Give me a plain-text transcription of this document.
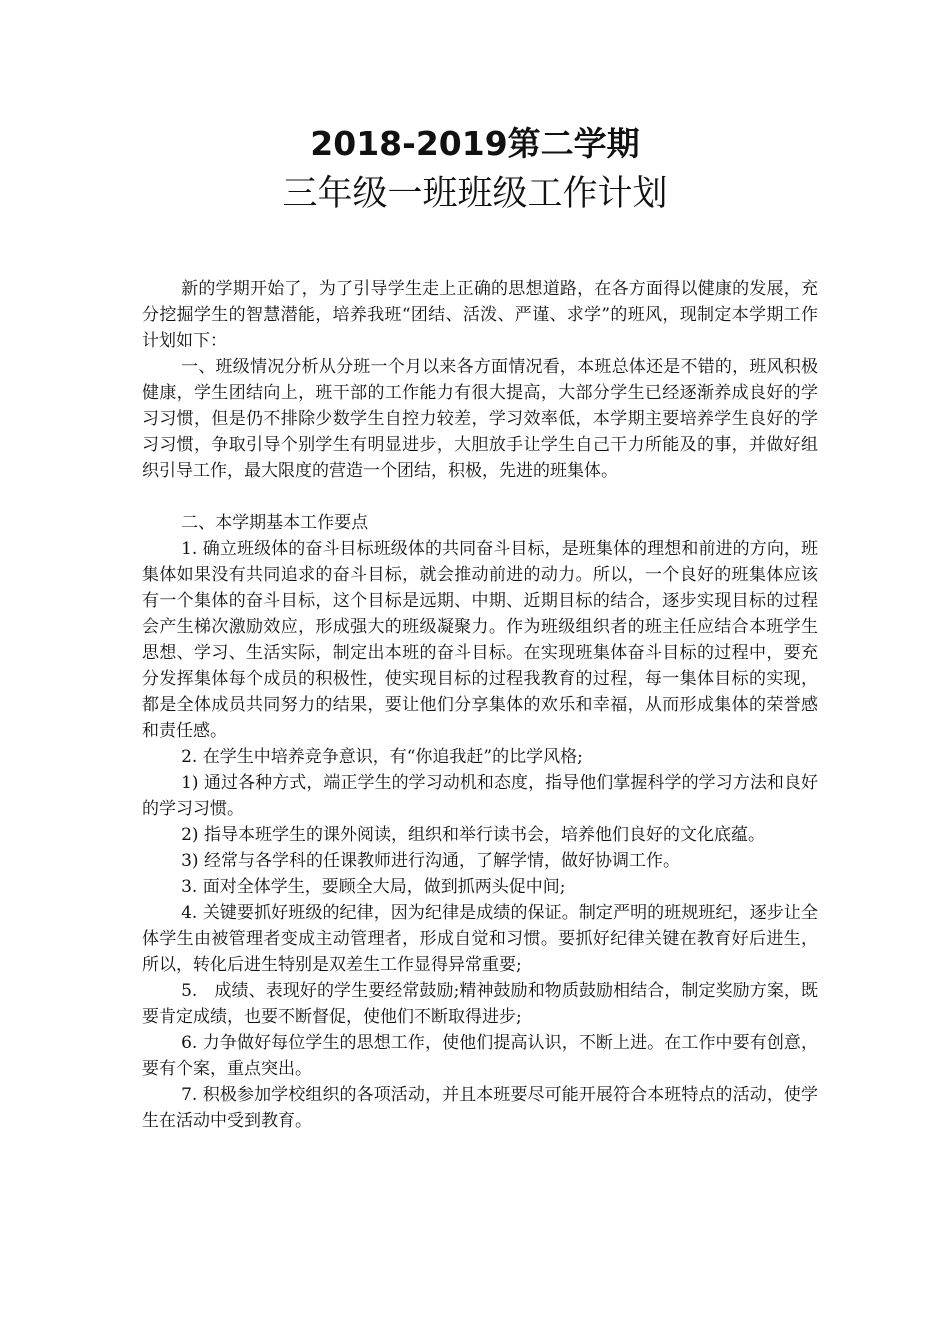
2018-2019第二学期
三年级一班班级工作计划

新的学期开始了，为了引导学生走上正确的思想道路，在各方面得以健康的发展，充分挖掘学生的智慧潜能，培养我班“团结、活泼、严谨、求学”的班风，现制定本学期工作计划如下：

一、班级情况分析从分班一个月以来各方面情况看，本班总体还是不错的，班风积极健康，学生团结向上，班干部的工作能力有很大提高，大部分学生已经逐渐养成良好的学习习惯，但是仍不排除少数学生自控力较差，学习效率低，本学期主要培养学生良好的学习习惯，争取引导个别学生有明显进步，大胆放手让学生自己干力所能及的事，并做好组织引导工作，最大限度的营造一个团结，积极，先进的班集体。

二、本学期基本工作要点

1. 确立班级体的奋斗目标班级体的共同奋斗目标，是班集体的理想和前进的方向，班集体如果没有共同追求的奋斗目标，就会推动前进的动力。所以，一个良好的班集体应该有一个集体的奋斗目标，这个目标是远期、中期、近期目标的结合，逐步实现目标的过程会产生梯次激励效应，形成强大的班级凝聚力。作为班级组织者的班主任应结合本班学生思想、学习、生活实际，制定出本班的奋斗目标。在实现班集体奋斗目标的过程中，要充分发挥集体每个成员的积极性，使实现目标的过程我教育的过程，每一集体目标的实现，都是全体成员共同努力的结果，要让他们分享集体的欢乐和幸福，从而形成集体的荣誉感和责任感。

2. 在学生中培养竞争意识，有“你追我赶”的比学风格;

1) 通过各种方式，端正学生的学习动机和态度，指导他们掌握科学的学习方法和良好的学习习惯。

2) 指导本班学生的课外阅读，组织和举行读书会，培养他们良好的文化底蕴。

3) 经常与各学科的任课教师进行沟通，了解学情，做好协调工作。

3. 面对全体学生，要顾全大局，做到抓两头促中间;

4. 关键要抓好班级的纪律，因为纪律是成绩的保证。制定严明的班规班纪，逐步让全体学生由被管理者变成主动管理者，形成自觉和习惯。要抓好纪律关键在教育好后进生，所以，转化后进生特别是双差生工作显得异常重要;

5.　成绩、表现好的学生要经常鼓励;精神鼓励和物质鼓励相结合，制定奖励方案，既要肯定成绩，也要不断督促，使他们不断取得进步;

6. 力争做好每位学生的思想工作，使他们提高认识，不断上进。在工作中要有创意，要有个案，重点突出。

7. 积极参加学校组织的各项活动，并且本班要尽可能开展符合本班特点的活动，使学生在活动中受到教育。
